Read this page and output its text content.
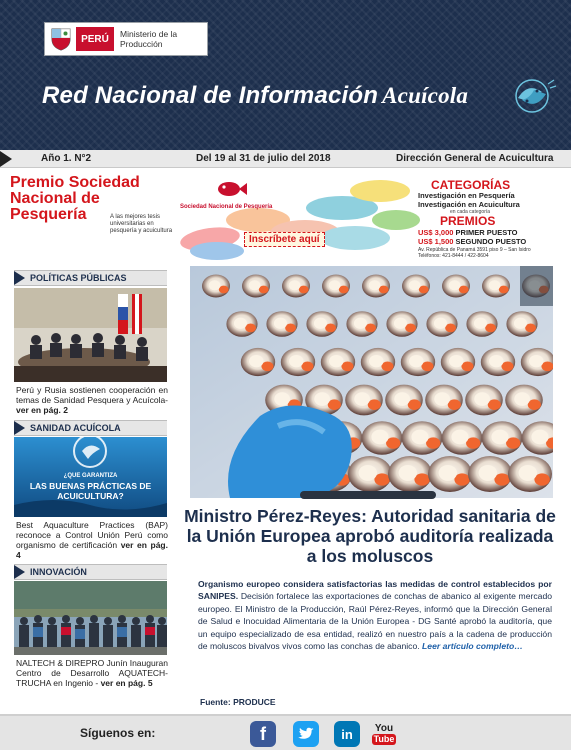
PERÚ	Ministerio de la Producción
Red Nacional de Información Acuícola
Año 1. N°2	Del 19 al 31 de julio del 2018	Dirección General de Acuicultura
Premio Sociedad Nacional de Pesquería	A las mejores tesis universitarias en pesquería y acuicultura
Sociedad Nacional de Pesquería
Inscríbete aquí
CATEGORÍAS
Investigación en Pesquería
Investigación en Acuicultura
en cada categoría
PREMIOS
US$ 3,000 PRIMER PUESTO
US$ 1,500 SEGUNDO PUESTO
Av. República de Panamá 3591 piso 9 – San Isidro
Teléfonos: 421-8444 / 422-8604
POLÍTICAS PÚBLICAS
Perú y Rusia sostienen cooperación en temas de Sanidad Pesquera y Acuícola- ver en pág. 2
SANIDAD ACUÍCOLA
¿QUE GARANTIZA
LAS BUENAS PRÁCTICAS DE ACUICULTURA?
Best Aquaculture Practices (BAP) reconoce a Control Unión Perú como organismo de certificación ver en pág. 4
INNOVACIÓN
NALTECH & DIREPRO Junín Inauguran Centro de Desarrollo AQUATECH-TRUCHA en Ingenio - ver en pág. 5
Ministro Pérez-Reyes: Autoridad sanitaria de la Unión Europea aprobó auditoría realizada a los moluscos
Organismo europeo considera satisfactorias las medidas de control establecidos por SANIPES. Decisión fortalece las exportaciones de conchas de abanico al exigente mercado europeo. El Ministro de la Producción, Raúl Pérez-Reyes, informó que la Dirección General de Salud e Inocuidad Alimentaria de la Unión Europea - DG Santé aprobó la auditoría, que un equipo especializado de esa entidad, realizó en nuestro país a la cadena de producción de moluscos bivalvos vivos como las conchas de abanico. Leer artículo completo…
Fuente: PRODUCE
Síguenos en:	f	in You
Tube
